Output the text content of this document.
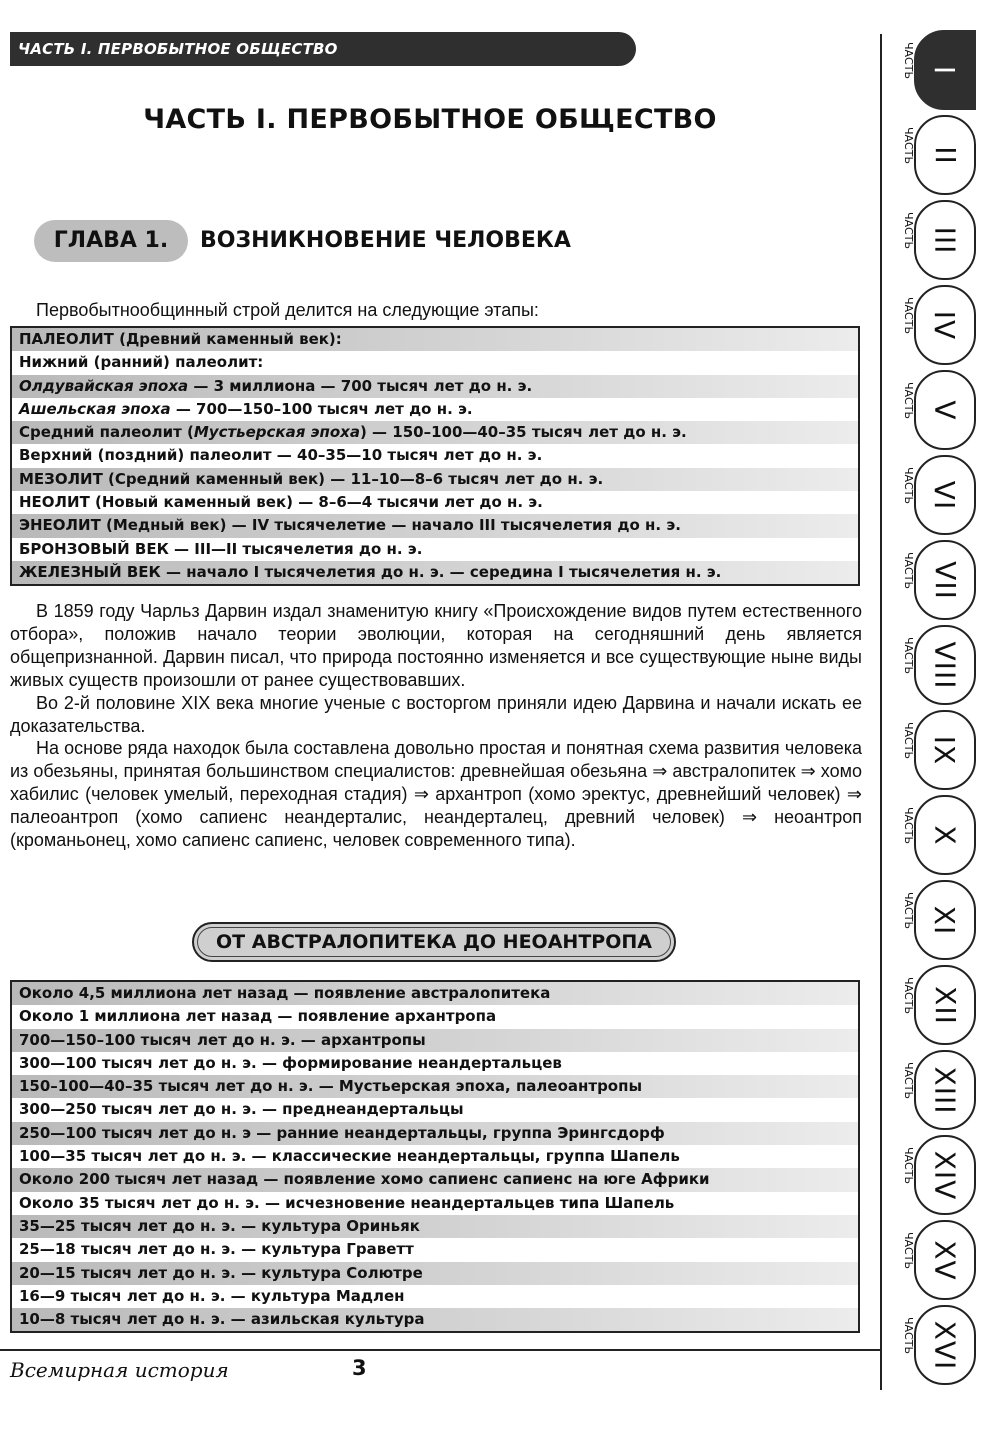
ЧАСТЬ I. ПЕРВОБЫТНОЕ ОБЩЕСТВО
ЧАСТЬ I. ПЕРВОБЫТНОЕ ОБЩЕСТВО
ГЛАВА 1.	ВОЗНИКНОВЕНИЕ ЧЕЛОВЕКА
Первобытнообщинный строй делится на следующие этапы:
ПАЛЕОЛИТ (Древний каменный век):
Нижний (ранний) палеолит:
Олдувайская эпоха — 3 миллиона — 700 тысяч лет до н. э.
Ашельская эпоха — 700—150–100 тысяч лет до н. э.
Средний палеолит (Мустьерская эпоха) — 150–100—40–35 тысяч лет до н. э.
Верхний (поздний) палеолит — 40–35—10 тысяч лет до н. э.
МЕЗОЛИТ (Средний каменный век) — 11–10—8–6 тысяч лет до н. э.
НЕОЛИТ (Новый каменный век) — 8–6—4 тысячи лет до н. э.
ЭНЕОЛИТ (Медный век) — IV тысячелетие — начало III тысячелетия до н. э.
БРОНЗОВЫЙ ВЕК — III—II тысячелетия до н. э.
ЖЕЛЕЗНЫЙ ВЕК — начало I тысячелетия до н. э. — середина I тысячелетия н. э.

В 1859 году Чарльз Дарвин издал знаменитую книгу «Происхождение видов путем естественного отбора», положив начало теории эволюции, которая на сегодняшний день является общепризнанной. Дарвин писал, что природа постоянно изменяется и все существующие ныне виды живых существ произошли от ранее существовавших.

Во 2-й половине XIX века многие ученые с восторгом приняли идею Дарвина и начали искать ее доказательства.

На основе ряда находок была составлена довольно простая и понятная схема развития человека из обезьяны, принятая большинством специалистов: древнейшая обезьяна ⇒ австралопитек ⇒ хомо хабилис (человек умелый, переходная стадия) ⇒ архантроп (хомо эректус, древнейший человек) ⇒ палеоантроп (хомо сапиенс неандерталис, неандерталец, древний человек) ⇒ неоантроп (кроманьонец, хомо сапиенс сапиенс, человек современного типа).

ОТ АВСТРАЛОПИТЕКА ДО НЕОАНТРОПА
Около 4,5 миллиона лет назад — появление австралопитека
Около 1 миллиона лет назад — появление архантропа
700—150–100 тысяч лет до н. э. — архантропы
300—100 тысяч лет до н. э. — формирование неандертальцев
150–100—40–35 тысяч лет до н. э. — Мустьерская эпоха, палеоантропы
300—250 тысяч лет до н. э. — преднеандертальцы
250—100 тысяч лет до н. э — ранние неандертальцы, группа Эрингсдорф
100—35 тысяч лет до н. э. — классические неандертальцы, группа Шапель
Около 200 тысяч лет назад — появление хомо сапиенс сапиенс на юге Африки
Около 35 тысяч лет до н. э. — исчезновение неандертальцев типа Шапель
35—25 тысяч лет до н. э. — культура Ориньяк
25—18 тысяч лет до н. э. — культура Граветт
20—15 тысяч лет до н. э. — культура Солютре
16—9 тысяч лет до н. э. — культура Мадлен
10—8 тысяч лет до н. э. — азильская культура
Всемирная история	3
I
ЧАСТЬ
II
ЧАСТЬ
III
ЧАСТЬ
IV
ЧАСТЬ
V
ЧАСТЬ
VI
ЧАСТЬ
VII
ЧАСТЬ
VIII
ЧАСТЬ
IX
ЧАСТЬ
X
ЧАСТЬ
XI
ЧАСТЬ
XII
ЧАСТЬ
XIII
ЧАСТЬ
XIV
ЧАСТЬ
XV
ЧАСТЬ
XVI
ЧАСТЬ
